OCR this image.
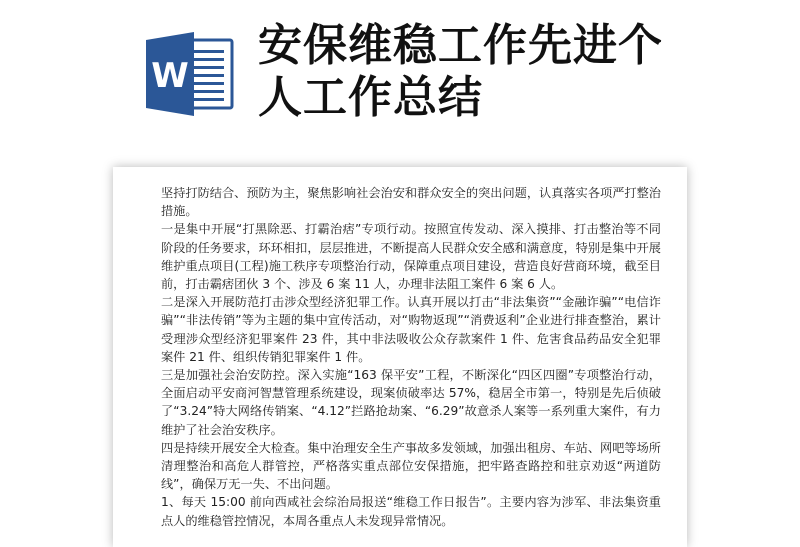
W
安保维稳工作先进个人工作总结

坚持打防结合、预防为主，聚焦影响社会治安和群众安全的突出问题，认真落实各项严打整治措施。

一是集中开展“打黑除恶、打霸治痞”专项行动。按照宣传发动、深入摸排、打击整治等不同阶段的任务要求，环环相扣，层层推进，不断提高人民群众安全感和满意度，特别是集中开展维护重点项目(工程)施工秩序专项整治行动，保障重点项目建设，营造良好营商环境，截至目前，打击霸痞团伙 3 个、涉及 6 案 11 人，办理非法阻工案件 6 案 6 人。

二是深入开展防范打击涉众型经济犯罪工作。认真开展以打击“非法集资”“金融诈骗”“电信诈骗”“非法传销”等为主题的集中宣传活动，对“购物返现”“消费返利”企业进行排查整治，累计受理涉众型经济犯罪案件 23 件，其中非法吸收公众存款案件 1 件、危害食品药品安全犯罪案件 21 件、组织传销犯罪案件 1 件。

三是加强社会治安防控。深入实施“163 保平安”工程，不断深化“四区四圈”专项整治行动，全面启动平安商河智慧管理系统建设，现案侦破率达 57%，稳居全市第一，特别是先后侦破了“3.24”特大网络传销案、“4.12”拦路抢劫案、“6.29”故意杀人案等一系列重大案件，有力维护了社会治安秩序。

四是持续开展安全大检查。集中治理安全生产事故多发领域，加强出租房、车站、网吧等场所清理整治和高危人群管控，严格落实重点部位安保措施，把牢路查路控和驻京劝返“两道防线”，确保万无一失、不出问题。

1、每天 15:00 前向西咸社会综治局报送“维稳工作日报告”。主要内容为涉军、非法集资重点人的维稳管控情况，本周各重点人未发现异常情况。
